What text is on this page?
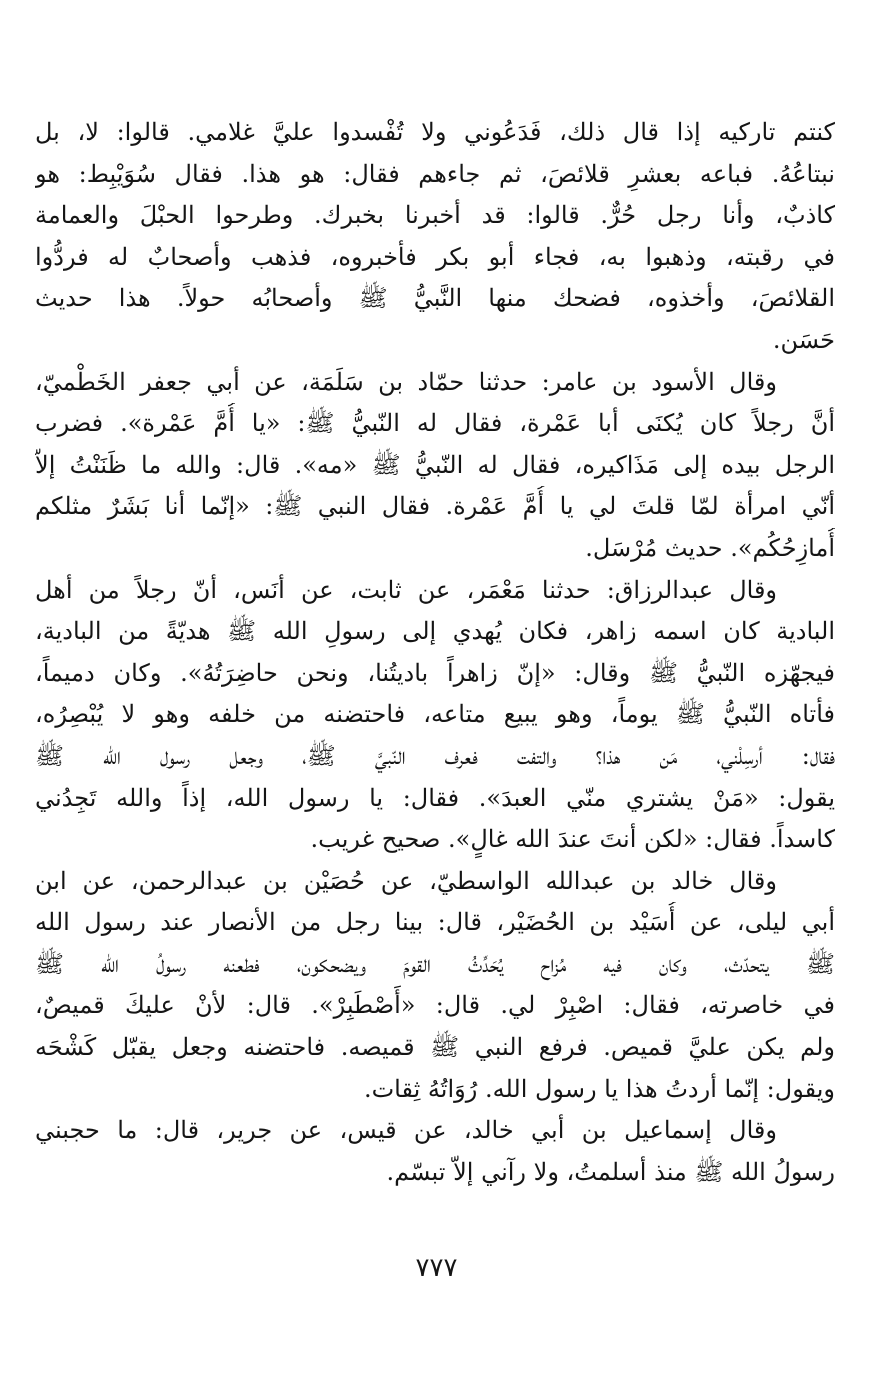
كنتم تاركيه إذا قال ذلك، فَدَعُوني ولا تُفْسدوا عليَّ غلامي. قالوا: لا، بل
نبتاعُهُ. فباعه بعشرِ قلائصَ، ثم جاءهم فقال: هو هذا. فقال سُوَيْبِط: هو
كاذبٌ، وأنا رجل حُرٌّ. قالوا: قد أخبرنا بخبرك. وطرحوا الحبْلَ والعمامة
في رقبته، وذهبوا به، فجاء أبو بكر فأخبروه، فذهب وأصحابٌ له فردُّوا
القلائصَ، وأخذوه، فضحك منها النَّبيُّ ﷺ وأصحابُه حولاً. هذا حديث
حَسَن.
وقال الأسود بن عامر: حدثنا حمّاد بن سَلَمَة، عن أبي جعفر الخَطْميّ،
أنَّ رجلاً كان يُكنَى أبا عَمْرة، فقال له النّبيُّ ﷺ: «يا أُمَّ عَمْرة». فضرب
الرجل بيده إلى مَذَاكيره، فقال له النّبيُّ ﷺ «مه». قال: والله ما ظَنَنْتُ إلاّ
أنّي امرأة لمّا قلتَ لي يا أُمَّ عَمْرة. فقال النبي ﷺ: «إنّما أنا بَشَرٌ مثلكم
أُمازِحُكُم». حديث مُرْسَل.
وقال عبدالرزاق: حدثنا مَعْمَر، عن ثابت، عن أنَس، أنّ رجلاً من أهل
البادية كان اسمه زاهر، فكان يُهدي إلى رسولِ الله ﷺ هديّةً من البادية،
فيجهّزه النّبيُّ ﷺ وقال: «إنّ زاهراً باديتُنا، ونحن حاضِرَتُهُ». وكان دميماً،
فأتاه النّبيُّ ﷺ يوماً، وهو يبيع متاعه، فاحتضنه من خلفه وهو لا يُبْصِرُه،
فقال: أرسِلْني، مَن هذا؟ والتفت فعرف النّبيَّ ﷺ، وجعل رسول الله ﷺ
يقول: «مَنْ يشتري منّي العبدَ». فقال: يا رسول الله، إذاً والله تَجِدُني
كاسداً. فقال: «لكن أنتَ عندَ الله غالٍ». صحيح غريب.
وقال خالد بن عبدالله الواسطيّ، عن حُصَيْن بن عبدالرحمن، عن ابن
أبي ليلى، عن أُسَيْد بن الحُضَيْر، قال: بينا رجل من الأنصار عند رسول الله
ﷺ يتحدّث، وكان فيه مُزاح يُحَدِّثُ القومَ ويضحكون، فطعنه رسولُ الله ﷺ
في خاصرته، فقال: اصْبِرْ لي. قال: «أَصْطَبِرْ». قال: لأنْ عليكَ قميصٌ،
ولم يكن عليَّ قميص. فرفع النبي ﷺ قميصه. فاحتضنه وجعل يقبّل كَشْحَه
ويقول: إنّما أردتُ هذا يا رسول الله. رُوَاتُهُ ثِقات.
وقال إسماعيل بن أبي خالد، عن قيس، عن جرير، قال: ما حجبني
رسولُ الله ﷺ منذ أسلمتُ، ولا رآني إلاّ تبسّم.
٧٧٧
